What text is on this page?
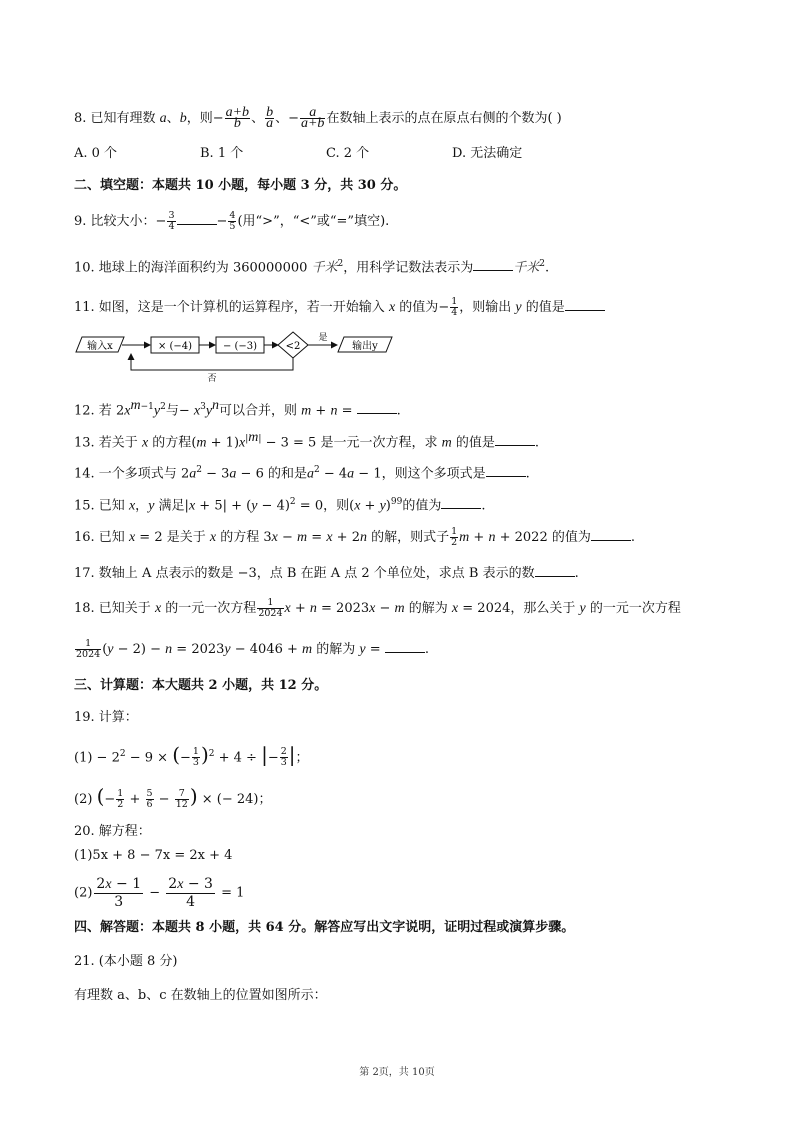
8. 已知有理数 a、b，则− $\frac{a+b}{b}$ 、 $\frac{b}{a}$ 、− $\frac{a}{a+b}$ 在数轴上表示的点在原点右侧的个数为( )
A. 0 个	B. 1 个	C. 2 个	D. 无法确定
二、填空题：本题共 10 小题，每小题 3 分，共 30 分。
9. 比较大小：− $\frac{3}{4}$	− $\frac{4}{5}$ (用“>”，“<”或“=”填空).
10. 地球上的海洋面积约为 360000000 千米$^2$，用科学记数法表示为	千米$^2$.
11. 如图，这是一个计算机的运算程序，若一开始输入 x 的值为− $\frac{1}{4}$ ，则输出 y 的值是
输入x	× (−4)	− (−3)	<2
是
输出y
否
12. 若 $2x^{m-1}y^2$与− $x^3y^n$可以合并，则 m + n =	.
13. 若关于 x 的方程$(m + 1)x^{|m|} - 3 = 5$ 是一元一次方程，求 m 的值是	.
14. 一个多项式与 $2a^2 - 3a - 6$ 的和是$a^2 - 4a - 1$，则这个多项式是	.
15. 已知 x，y 满足$|x + 5| + (y - 4)^2 = 0$，则$(x + y)^{99}$的值为	.
16. 已知 x = 2 是关于 x 的方程 3x − m = x + 2n 的解，则式子 $\frac{1}{2}$ m + n + 2022 的值为	.
17. 数轴上 A 点表示的数是 −3，点 B 在距 A 点 2 个单位处，求点 B 表示的数	.
18. 已知关于 x 的一元一次方程 $\frac{1}{2024}$ x + n = 2023x − m 的解为 x = 2024，那么关于 y 的一元一次方程
$\frac{1}{2024} (y - 2) - n = 2023y - 4046 + m$ 的解为 y =	.
三、计算题：本大题共 2 小题，共 12 分。
19. 计算：
$(1) - 2^2 - 9$ × (− $\frac{1}{3} )^2 + 4$ ÷ |− $\frac{2}{3}$ |；
(2) (− $\frac{1}{2} + \frac{5}{6} - \frac{7}{12}$ ) × (− 24)；
20. 解方程：
(1)5x + 8 − 7x = 2x + 4
$(2) \frac{2x - 1}{3} - \frac{2x - 3}{4} = 1$
四、解答题：本题共 8 小题，共 64 分。解答应写出文字说明，证明过程或演算步骤。
21. (本小题 8 分)
有理数 a、b、c 在数轴上的位置如图所示：
第 2页，共 10页
